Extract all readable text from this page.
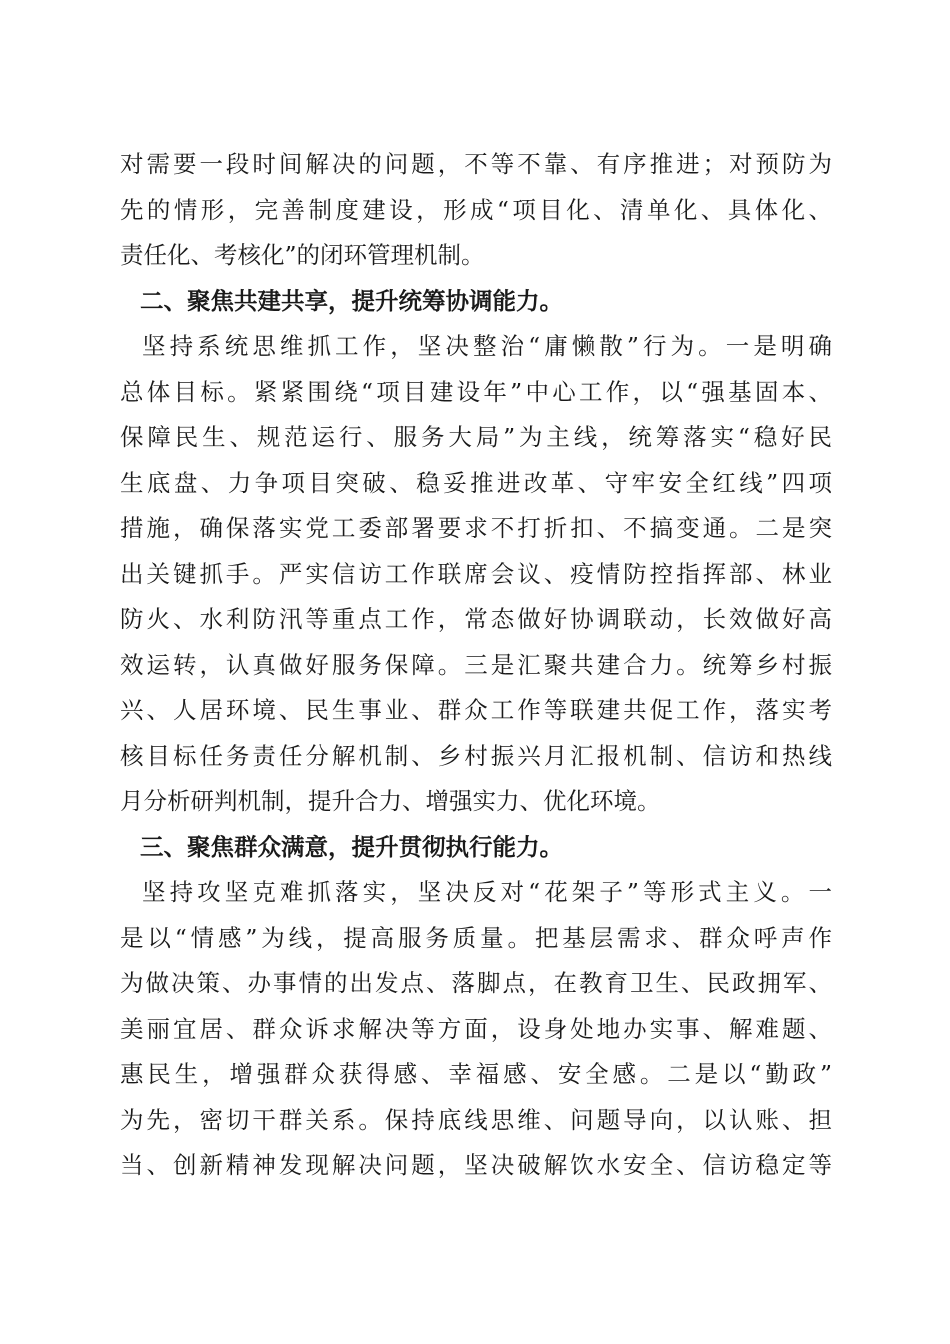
对需要一段时间解决的问题，不等不靠、有序推进；对预防为
先的情形，完善制度建设，形成“项目化、清单化、具体化、
责任化、考核化”的闭环管理机制。
二、聚焦共建共享，提升统筹协调能力。
坚持系统思维抓工作，坚决整治“庸懒散”行为。一是明确
总体目标。紧紧围绕“项目建设年”中心工作，以“强基固本、
保障民生、规范运行、服务大局”为主线，统筹落实“稳好民
生底盘、力争项目突破、稳妥推进改革、守牢安全红线”四项
措施，确保落实党工委部署要求不打折扣、不搞变通。二是突
出关键抓手。严实信访工作联席会议、疫情防控指挥部、林业
防火、水利防汛等重点工作，常态做好协调联动，长效做好高
效运转，认真做好服务保障。三是汇聚共建合力。统筹乡村振
兴、人居环境、民生事业、群众工作等联建共促工作，落实考
核目标任务责任分解机制、乡村振兴月汇报机制、信访和热线
月分析研判机制，提升合力、增强实力、优化环境。
三、聚焦群众满意，提升贯彻执行能力。
坚持攻坚克难抓落实，坚决反对“花架子”等形式主义。一
是以“情感”为线，提高服务质量。把基层需求、群众呼声作
为做决策、办事情的出发点、落脚点，在教育卫生、民政拥军、
美丽宜居、群众诉求解决等方面，设身处地办实事、解难题、
惠民生，增强群众获得感、幸福感、安全感。二是以“勤政”
为先，密切干群关系。保持底线思维、问题导向，以认账、担
当、创新精神发现解决问题，坚决破解饮水安全、信访稳定等
